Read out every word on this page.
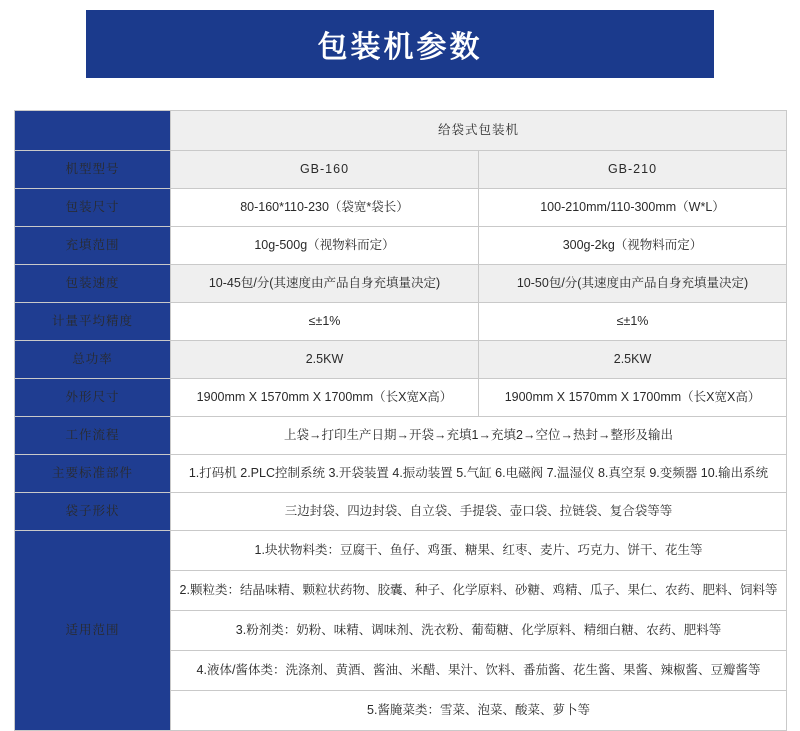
包装机参数
	给袋式包装机	
机型型号	GB-160	GB-210
包装尺寸	80-160*110-230（袋宽*袋长）	100-210mm/110-300mm（W*L）
充填范围	10g-500g（视物料而定）	300g-2kg（视物料而定）
包装速度	10-45包/分(其速度由产品自身充填量决定)	10-50包/分(其速度由产品自身充填量决定)
计量平均精度	≤±1%	≤±1%
总功率	2.5KW	2.5KW
外形尺寸	1900mm X 1570mm X 1700mm（长X宽X高）	1900mm X 1570mm X 1700mm（长X宽X高）
工作流程	上袋→打印生产日期→开袋→充填1→充填2→空位→热封→整形及输出	
主要标准部件	1.打码机 2.PLC控制系统 3.开袋装置 4.振动装置 5.气缸 6.电磁阀 7.温湿仪 8.真空泵 9.变频器 10.输出系统	
袋子形状	三边封袋、四边封袋、自立袋、手提袋、壶口袋、拉链袋、复合袋等等	
适用范围	1.块状物料类：豆腐干、鱼仔、鸡蛋、糖果、红枣、麦片、巧克力、饼干、花生等	
	2.颗粒类：结晶味精、颗粒状药物、胶囊、种子、化学原料、砂糖、鸡精、瓜子、果仁、农药、肥料、饲料等	
	3.粉剂类：奶粉、味精、调味剂、洗衣粉、葡萄糖、化学原料、精细白糖、农药、肥料等	
	4.液体/酱体类：洗涤剂、黄酒、酱油、米醋、果汁、饮料、番茄酱、花生酱、果酱、辣椒酱、豆瓣酱等	
	5.酱腌菜类：雪菜、泡菜、酸菜、萝卜等	
